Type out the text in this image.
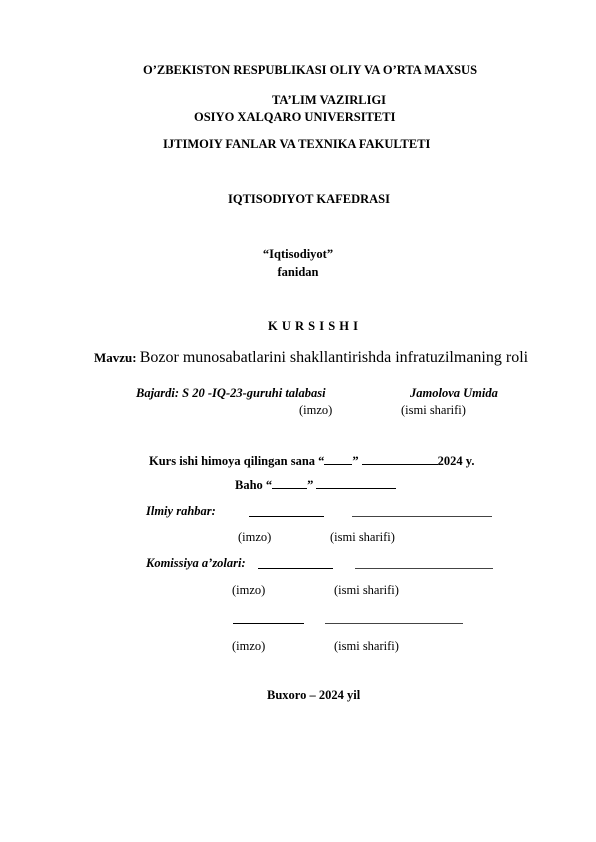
O’ZBEKISTON RESPUBLIKASI OLIY VA O’RTA MAXSUS
TA’LIM VAZIRLIGI
OSIYO XALQARO UNIVERSITETI
IJTIMOIY FANLAR VA TEXNIKA FAKULTETI
IQTISODIYOT KAFEDRASI
“Iqtisodiyot”
fanidan
K U R S I S H I
Mavzu: Bozor munosabatlarini shakllantirishda infratuzilmaning roli
Bajardi: S 20 -IQ-23-guruhi talabasi	Jamolova Umida
(imzo)	(ismi sharifi)
Kurs ishi himoya qilingan sana “ ”	2024 y.
Baho “	”
Ilmiy rahbar:
(imzo)	(ismi sharifi)
Komissiya a’zolari:
(imzo)	(ismi sharifi)
(imzo)	(ismi sharifi)
Buxoro – 2024 yil
